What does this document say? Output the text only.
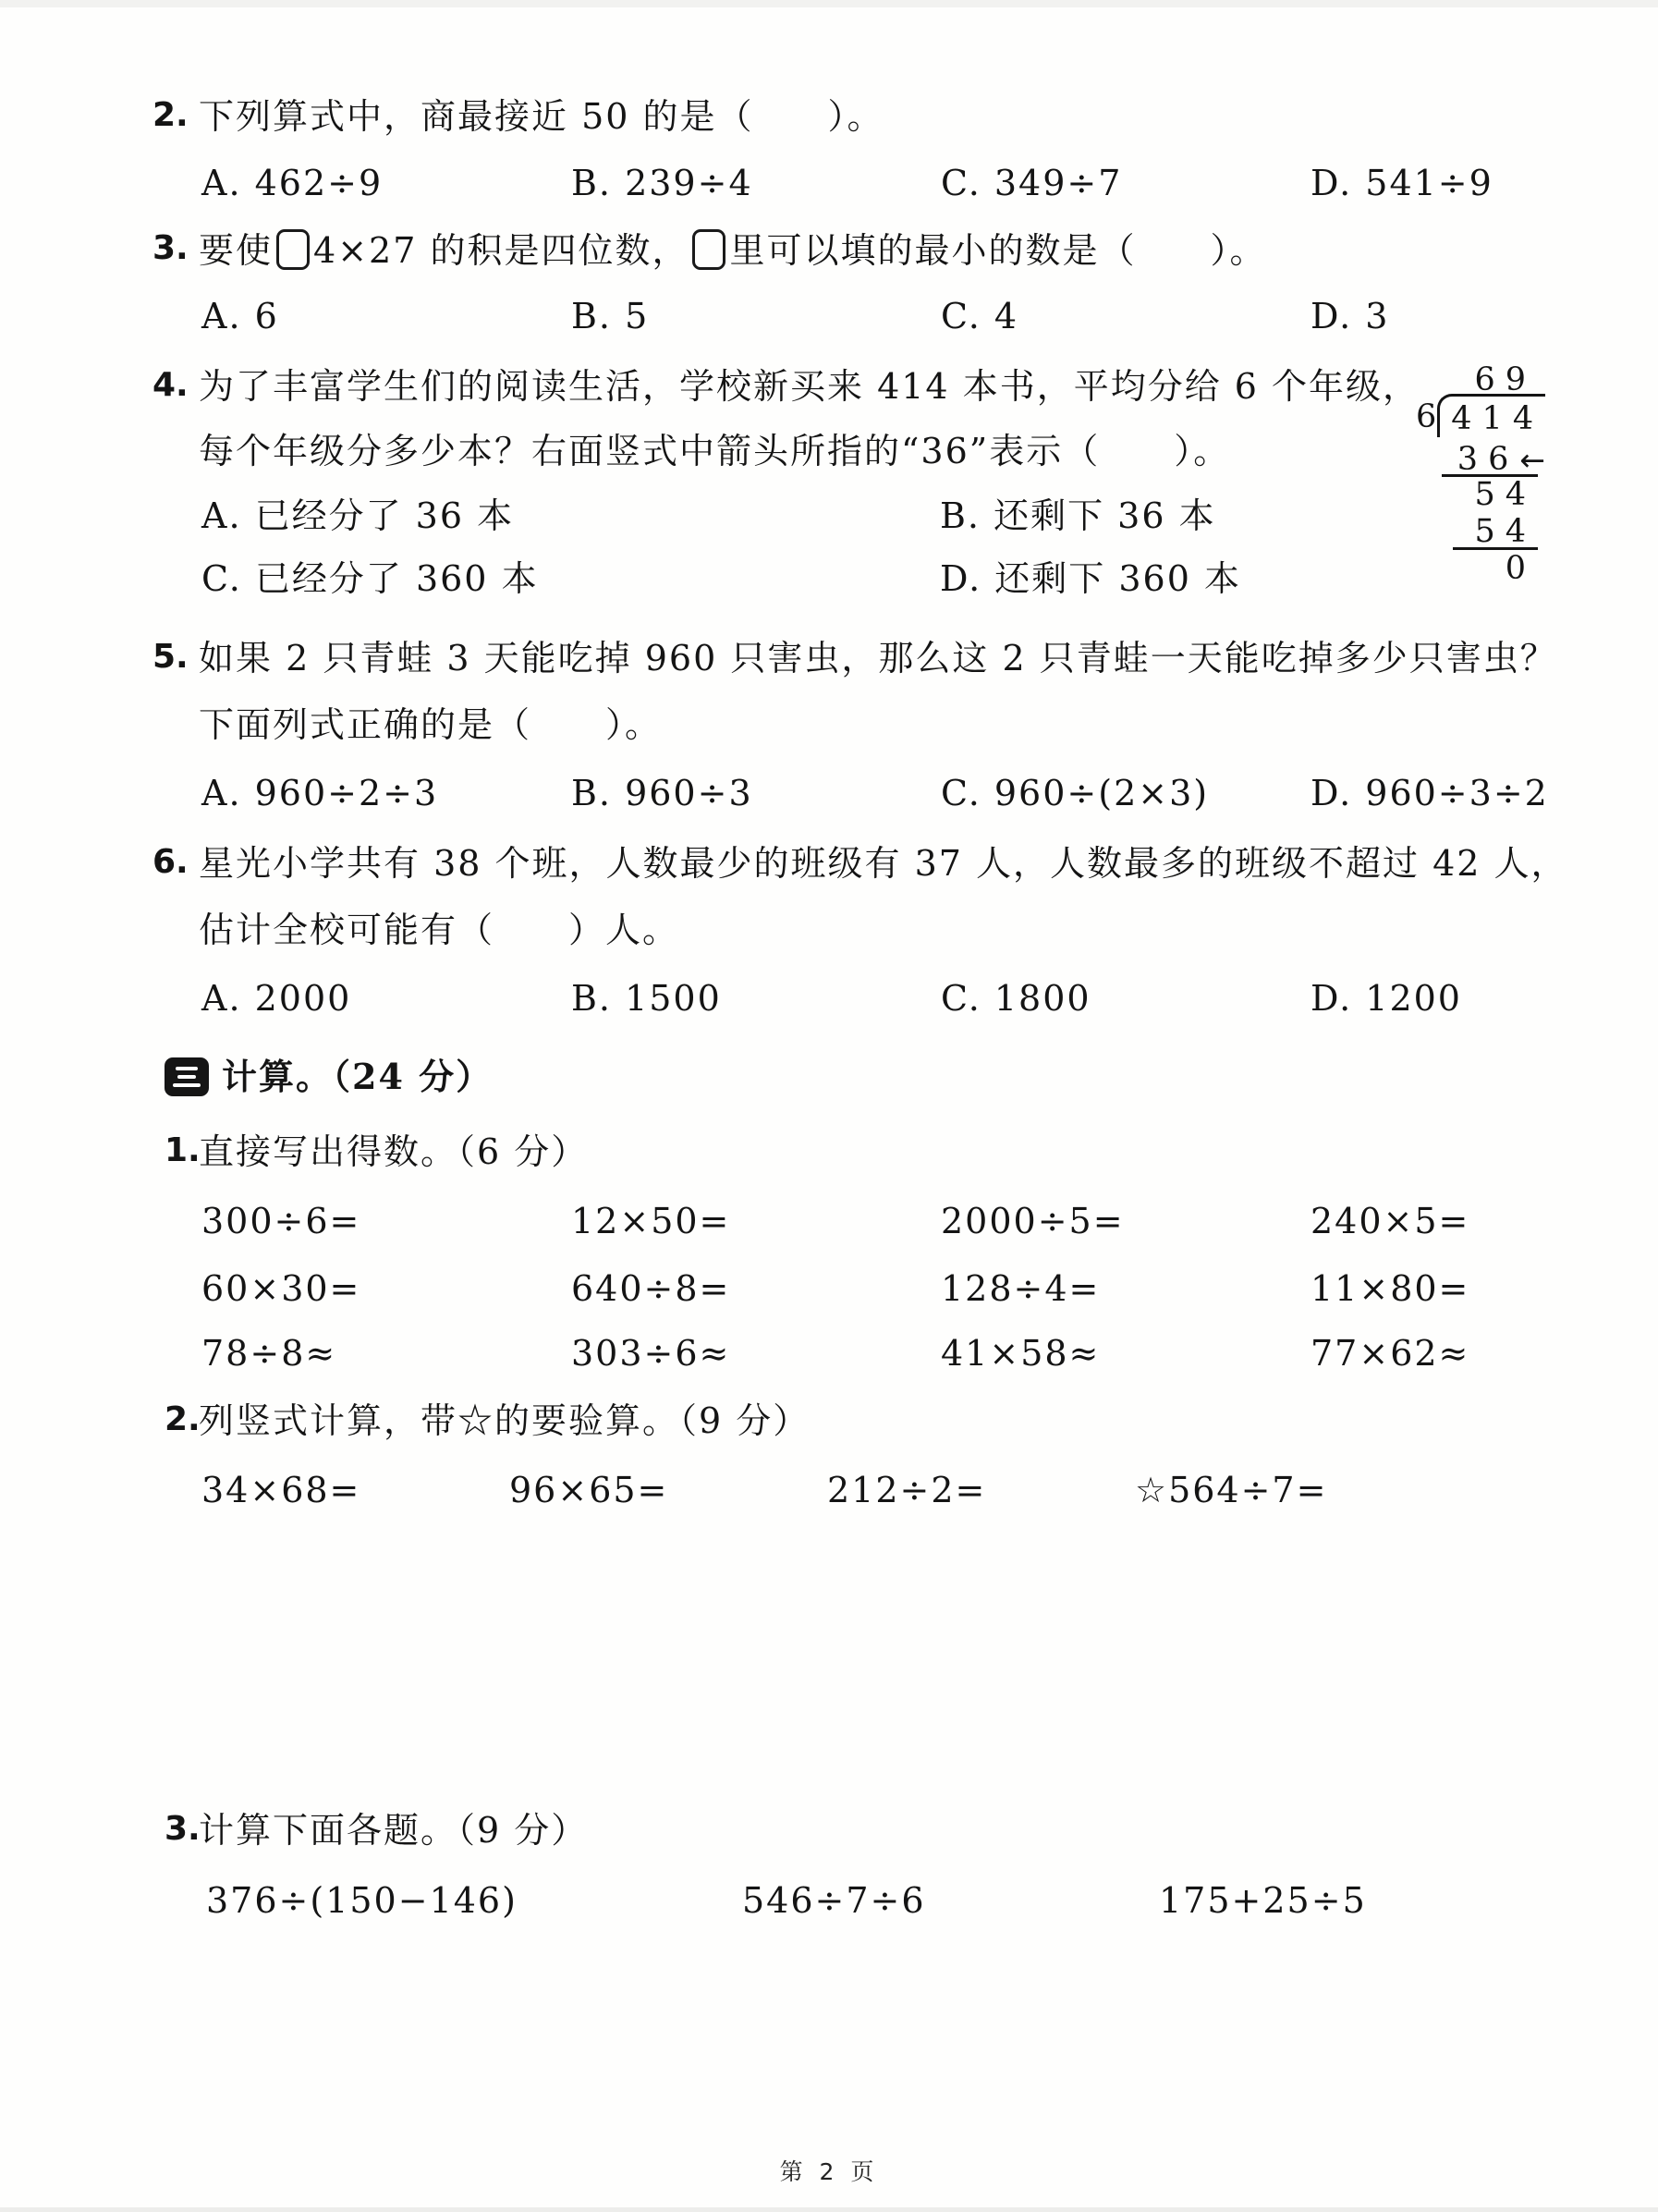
2. 下列算式中，商最接近 50 的是（　　）。
A. 462÷9	B. 239÷4	C. 349÷7	D. 541÷9
3. 要使 4×27 的积是四位数， 里可以填的最小的数是（　　）。
A. 6	B. 5	C. 4	D. 3
4. 为了丰富学生们的阅读生活，学校新买来 414 本书，平均分给 6 个年级，
每个年级分多少本？右面竖式中箭头所指的“36”表示（　　）。
A. 已经分了 36 本	B. 还剩下 36 本
C. 已经分了 360 本	D. 还剩下 360 本
69
6 414
36 ←
54
54
0
5. 如果 2 只青蛙 3 天能吃掉 960 只害虫，那么这 2 只青蛙一天能吃掉多少只害虫？
下面列式正确的是（　　）。
A. 960÷2÷3	B. 960÷3	C. 960÷(2×3)	D. 960÷3÷2
6. 星光小学共有 38 个班，人数最少的班级有 37 人，人数最多的班级不超过 42 人，
估计全校可能有（　　）人。
A. 2000	B. 1500	C. 1800	D. 1200
计算。（24 分）
1.
直接写出得数。（6 分）
300÷6=	12×50=	2000÷5=	240×5=
60×30=	640÷8=	128÷4=	11×80=
78÷8≈	303÷6≈	41×58≈	77×62≈
2.
列竖式计算，带☆的要验算。（9 分）
34×68=	96×65=	212÷2=	☆564÷7=
3.
计算下面各题。（9 分）
376÷(150−146)	546÷7÷6	175+25÷5
第 2 页
